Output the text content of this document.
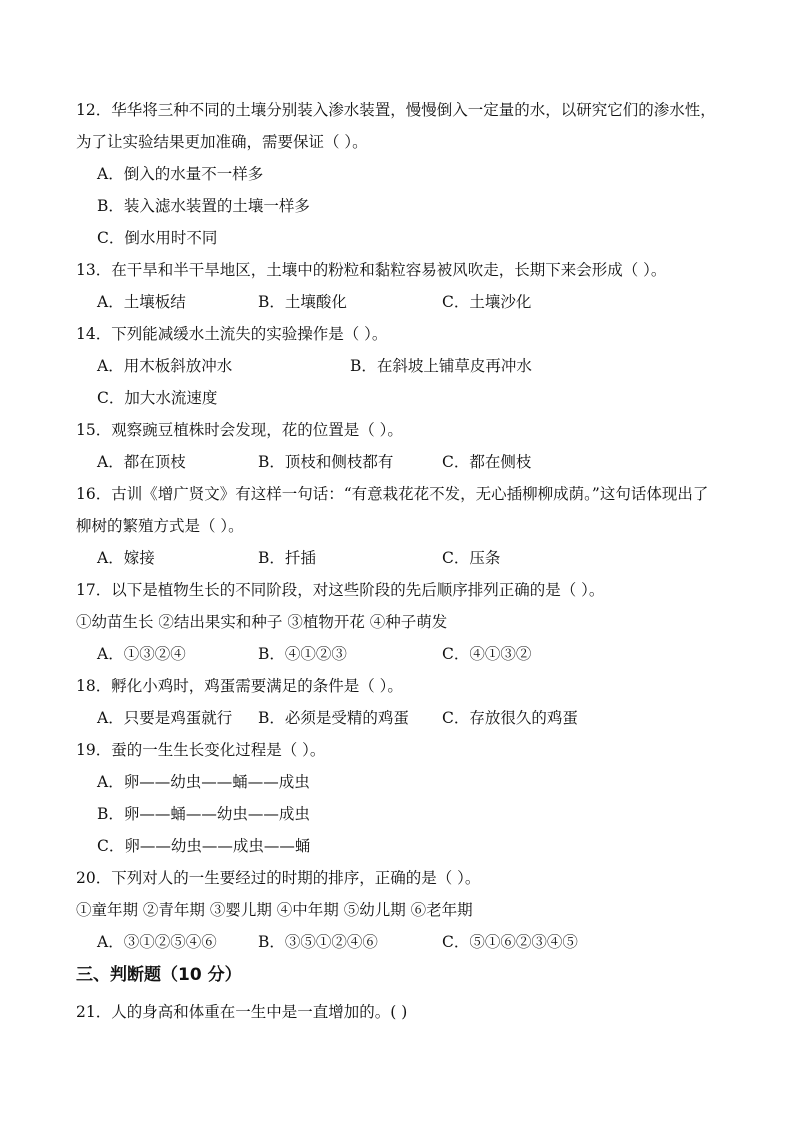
12．华华将三种不同的土壤分别装入渗水装置，慢慢倒入一定量的水，以研究它们的渗水性，
为了让实验结果更加准确，需要保证（ ）。
A．倒入的水量不一样多
B．装入滤水装置的土壤一样多
C．倒水用时不同
13．在干旱和半干旱地区，土壤中的粉粒和黏粒容易被风吹走，长期下来会形成（ ）。
A．土壤板结	B．土壤酸化	C．土壤沙化
14．下列能减缓水土流失的实验操作是（ ）。
A．用木板斜放冲水	B．在斜坡上铺草皮再冲水
C．加大水流速度
15．观察豌豆植株时会发现，花的位置是（ ）。
A．都在顶枝	B．顶枝和侧枝都有	C．都在侧枝
16．古训《增广贤文》有这样一句话：“有意栽花花不发，无心插柳柳成荫。”这句话体现出了
柳树的繁殖方式是（ ）。
A．嫁接	B．扦插	C．压条
17．以下是植物生长的不同阶段，对这些阶段的先后顺序排列正确的是（ ）。
①幼苗生长 ②结出果实和种子 ③植物开花 ④种子萌发
A．①③②④	B．④①②③	C．④①③②
18．孵化小鸡时，鸡蛋需要满足的条件是（ ）。
A．只要是鸡蛋就行 B．必须是受精的鸡蛋 C．存放很久的鸡蛋
19．蚕的一生生长变化过程是（ ）。
A．卵——幼虫——蛹——成虫
B．卵——蛹——幼虫——成虫
C．卵——幼虫——成虫——蛹
20．下列对人的一生要经过的时期的排序，正确的是（ ）。
①童年期 ②青年期 ③婴儿期 ④中年期 ⑤幼儿期 ⑥老年期
A．③①②⑤④⑥	B．③⑤①②④⑥	C．⑤①⑥②③④⑤
三、判断题（10 分）
21．人的身高和体重在一生中是一直增加的。( )
